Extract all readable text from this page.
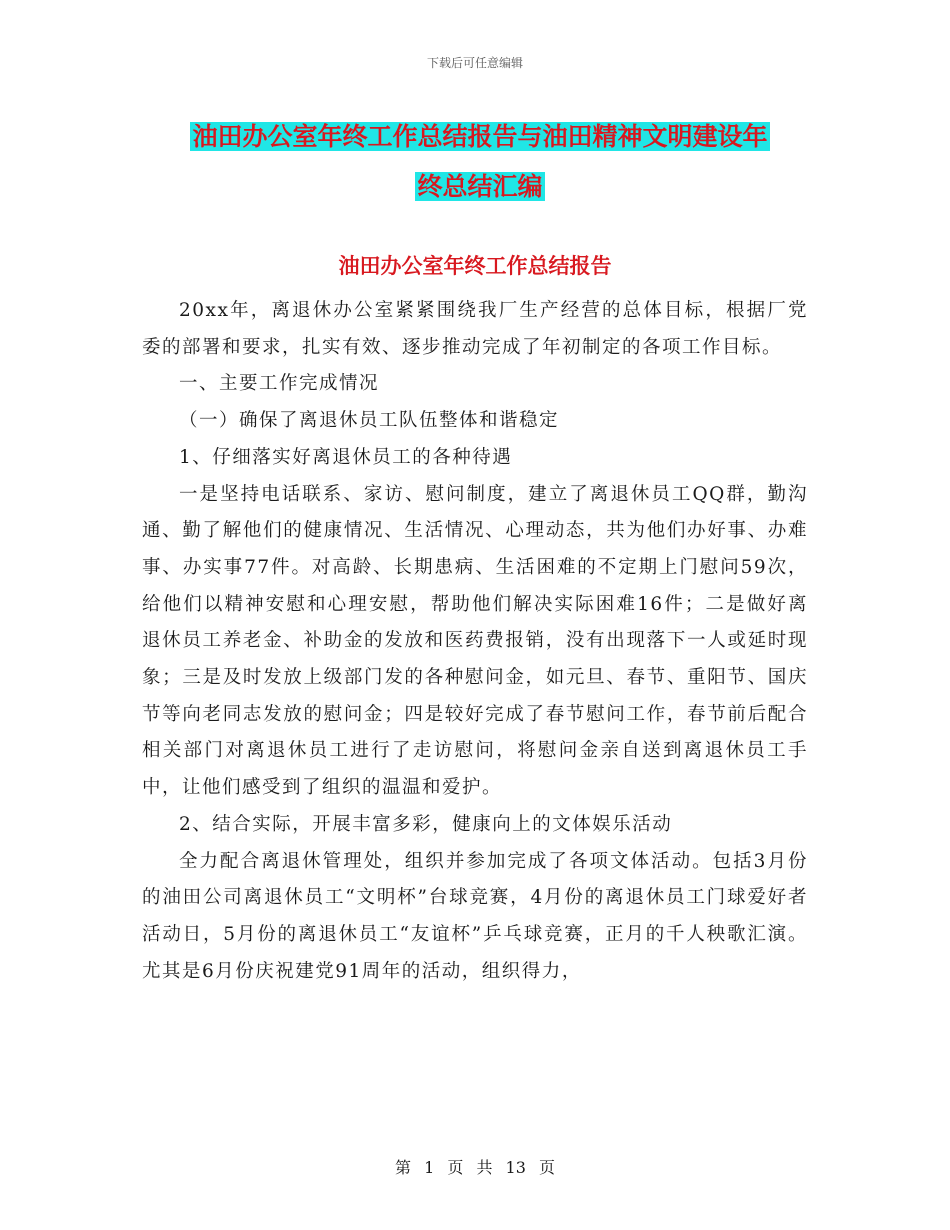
下载后可任意编辑
油田办公室年终工作总结报告与油田精神文明建设年
终总结汇编
油田办公室年终工作总结报告

20xx年，离退休办公室紧紧围绕我厂生产经营的总体目标，根据厂党委的部署和要求，扎实有效、逐步推动完成了年初制定的各项工作目标。

一、主要工作完成情况

（一）确保了离退休员工队伍整体和谐稳定

1、仔细落实好离退休员工的各种待遇

一是坚持电话联系、家访、慰问制度，建立了离退休员工QQ群，勤沟通、勤了解他们的健康情况、生活情况、心理动态，共为他们办好事、办难事、办实事77件。对高龄、长期患病、生活困难的不定期上门慰问59次，给他们以精神安慰和心理安慰，帮助他们解决实际困难16件；二是做好离退休员工养老金、补助金的发放和医药费报销，没有出现落下一人或延时现象；三是及时发放上级部门发的各种慰问金，如元旦、春节、重阳节、国庆节等向老同志发放的慰问金；四是较好完成了春节慰问工作，春节前后配合相关部门对离退休员工进行了走访慰问，将慰问金亲自送到离退休员工手中，让他们感受到了组织的温温和爱护。

2、结合实际，开展丰富多彩，健康向上的文体娱乐活动

全力配合离退休管理处，组织并参加完成了各项文体活动。包括3月份的油田公司离退休员工“文明杯”台球竞赛，4月份的离退休员工门球爱好者活动日，5月份的离退休员工“友谊杯”乒乓球竞赛，正月的千人秧歌汇演。尤其是6月份庆祝建党91周年的活动，组织得力，

第 1 页 共 13 页
